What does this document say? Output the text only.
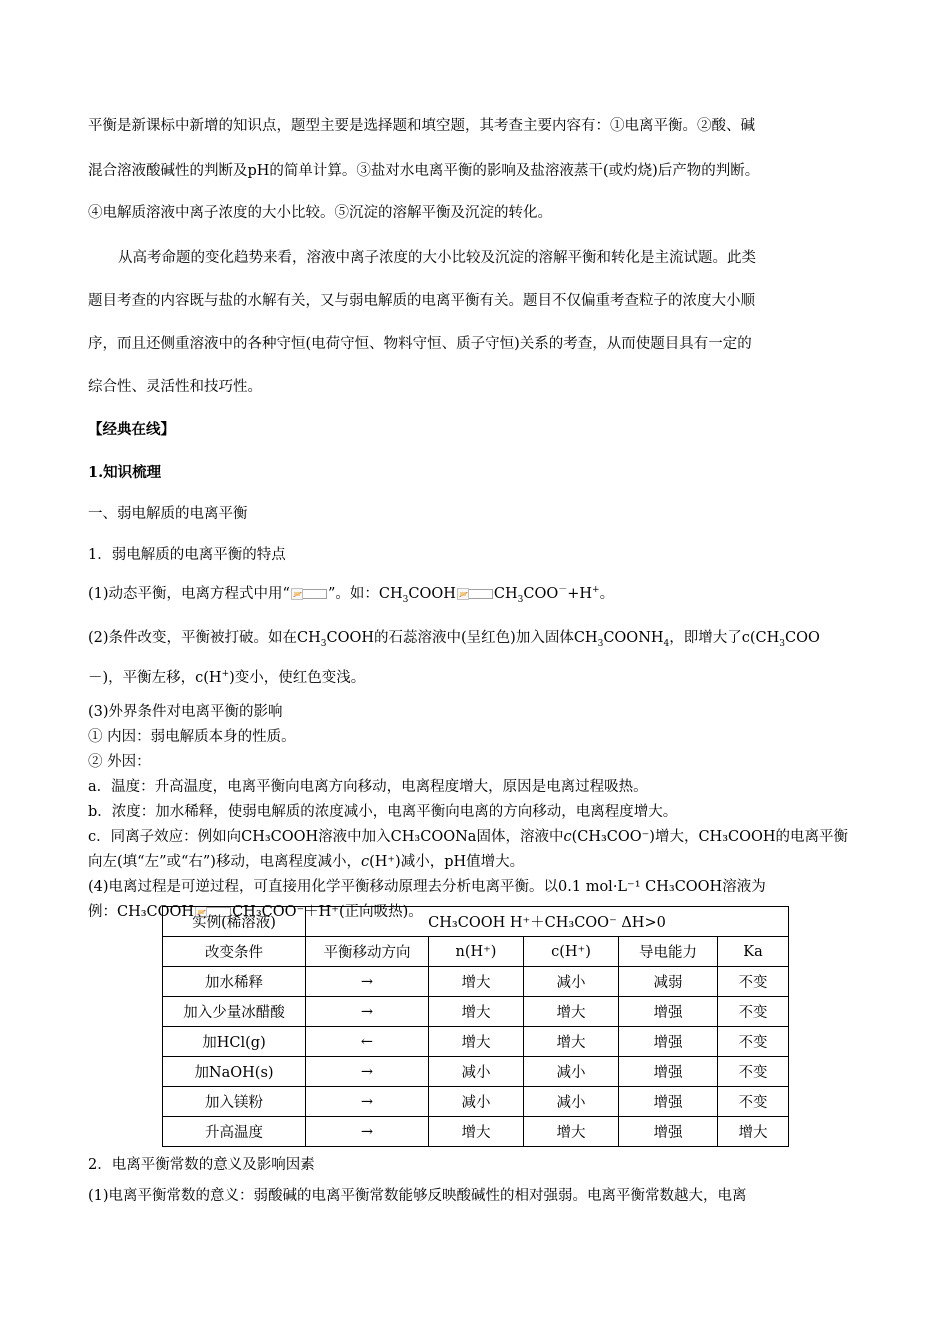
平衡是新课标中新增的知识点，题型主要是选择题和填空题，其考查主要内容有：①电离平衡。②酸、碱
混合溶液酸碱性的判断及pH的简单计算。③盐对水电离平衡的影响及盐溶液蒸干(或灼烧)后产物的判断。
④电解质溶液中离子浓度的大小比较。⑤沉淀的溶解平衡及沉淀的转化。
从高考命题的变化趋势来看，溶液中离子浓度的大小比较及沉淀的溶解平衡和转化是主流试题。此类
题目考查的内容既与盐的水解有关，又与弱电解质的电离平衡有关。题目不仅偏重考查粒子的浓度大小顺
序，而且还侧重溶液中的各种守恒(电荷守恒、物料守恒、质子守恒)关系的考查，从而使题目具有一定的
综合性、灵活性和技巧性。
【经典在线】
1.知识梳理
一、弱电解质的电离平衡
1．弱电解质的电离平衡的特点
(1)动态平衡，电离方程式中用“	”。如：$CH_3COOH$	$CH_3COO^-+H^+$。
(2)条件改变，平衡被打破。如在$CH_3COOH$的石蕊溶液中(呈红色)加入固体$CH_3COONH_4$，即增大了$c(CH_3COO$
－)，平衡左移，c(H+)变小，使红色变浅。
(3)外界条件对电离平衡的影响
① 内因：弱电解质本身的性质。
② 外因：
a．温度：升高温度，电离平衡向电离方向移动，电离程度增大，原因是电离过程吸热。
b．浓度：加水稀释，使弱电解质的浓度减小，电离平衡向电离的方向移动，电离程度增大。
c．同离子效应：例如向CH₃COOH溶液中加入CH₃COONa固体，溶液中c(CH₃COO⁻)增大，CH₃COOH的电离平衡
向左(填“左”或“右”)移动，电离程度减小，c(H⁺)减小，pH值增大。
(4)电离过程是可逆过程，可直接用化学平衡移动原理去分析电离平衡。以0.1 mol·L⁻¹ CH₃COOH溶液为
例：CH₃COOH	CH₃COO⁻＋H⁺(正向吸热)。
实例(稀溶液)	CH₃COOH H⁺＋CH₃COO⁻ ΔH>0				
改变条件	平衡移动方向	n(H⁺)	c(H⁺)	导电能力	Ka
加水稀释	→	增大	减小	减弱	不变
加入少量冰醋酸	→	增大	增大	增强	不变
加HCl(g)	←	增大	增大	增强	不变
加NaOH(s)	→	减小	减小	增强	不变
加入镁粉	→	减小	减小	增强	不变
升高温度	→	增大	增大	增强	增大
2．电离平衡常数的意义及影响因素
(1)电离平衡常数的意义：弱酸碱的电离平衡常数能够反映酸碱性的相对强弱。电离平衡常数越大，电离
